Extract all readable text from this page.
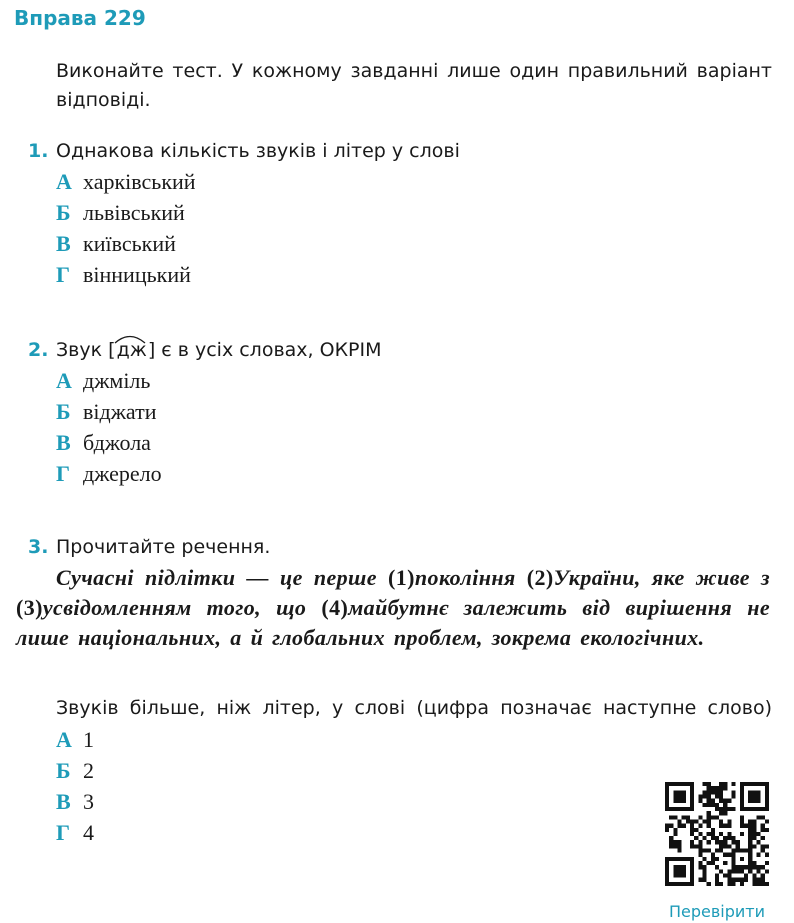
Вправа 229
Виконайте тест. У кожному завданні лише один правильний варіант відповіді.
1. Однакова кількість звуків і літер у слові
А харківський
Б львівський
В київський
Г вінницький
2. Звук [
дж] є в усіх словах, ОКРІМ
А джміль
Б віджати
В бджола
Г джерело
3. Прочитайте речення.
Сучасні підлітки — це перше (1)покоління (2)України, яке живе з (3)усвідомленням того, що (4)майбутнє залежить від вирішення не лише національних, а й глобальних проблем, зокрема екологічних.
Звуків більше, ніж літер, у слові (цифра позначає наступне слово)
А 1
Б 2
В 3
Г 4
Перевірити
